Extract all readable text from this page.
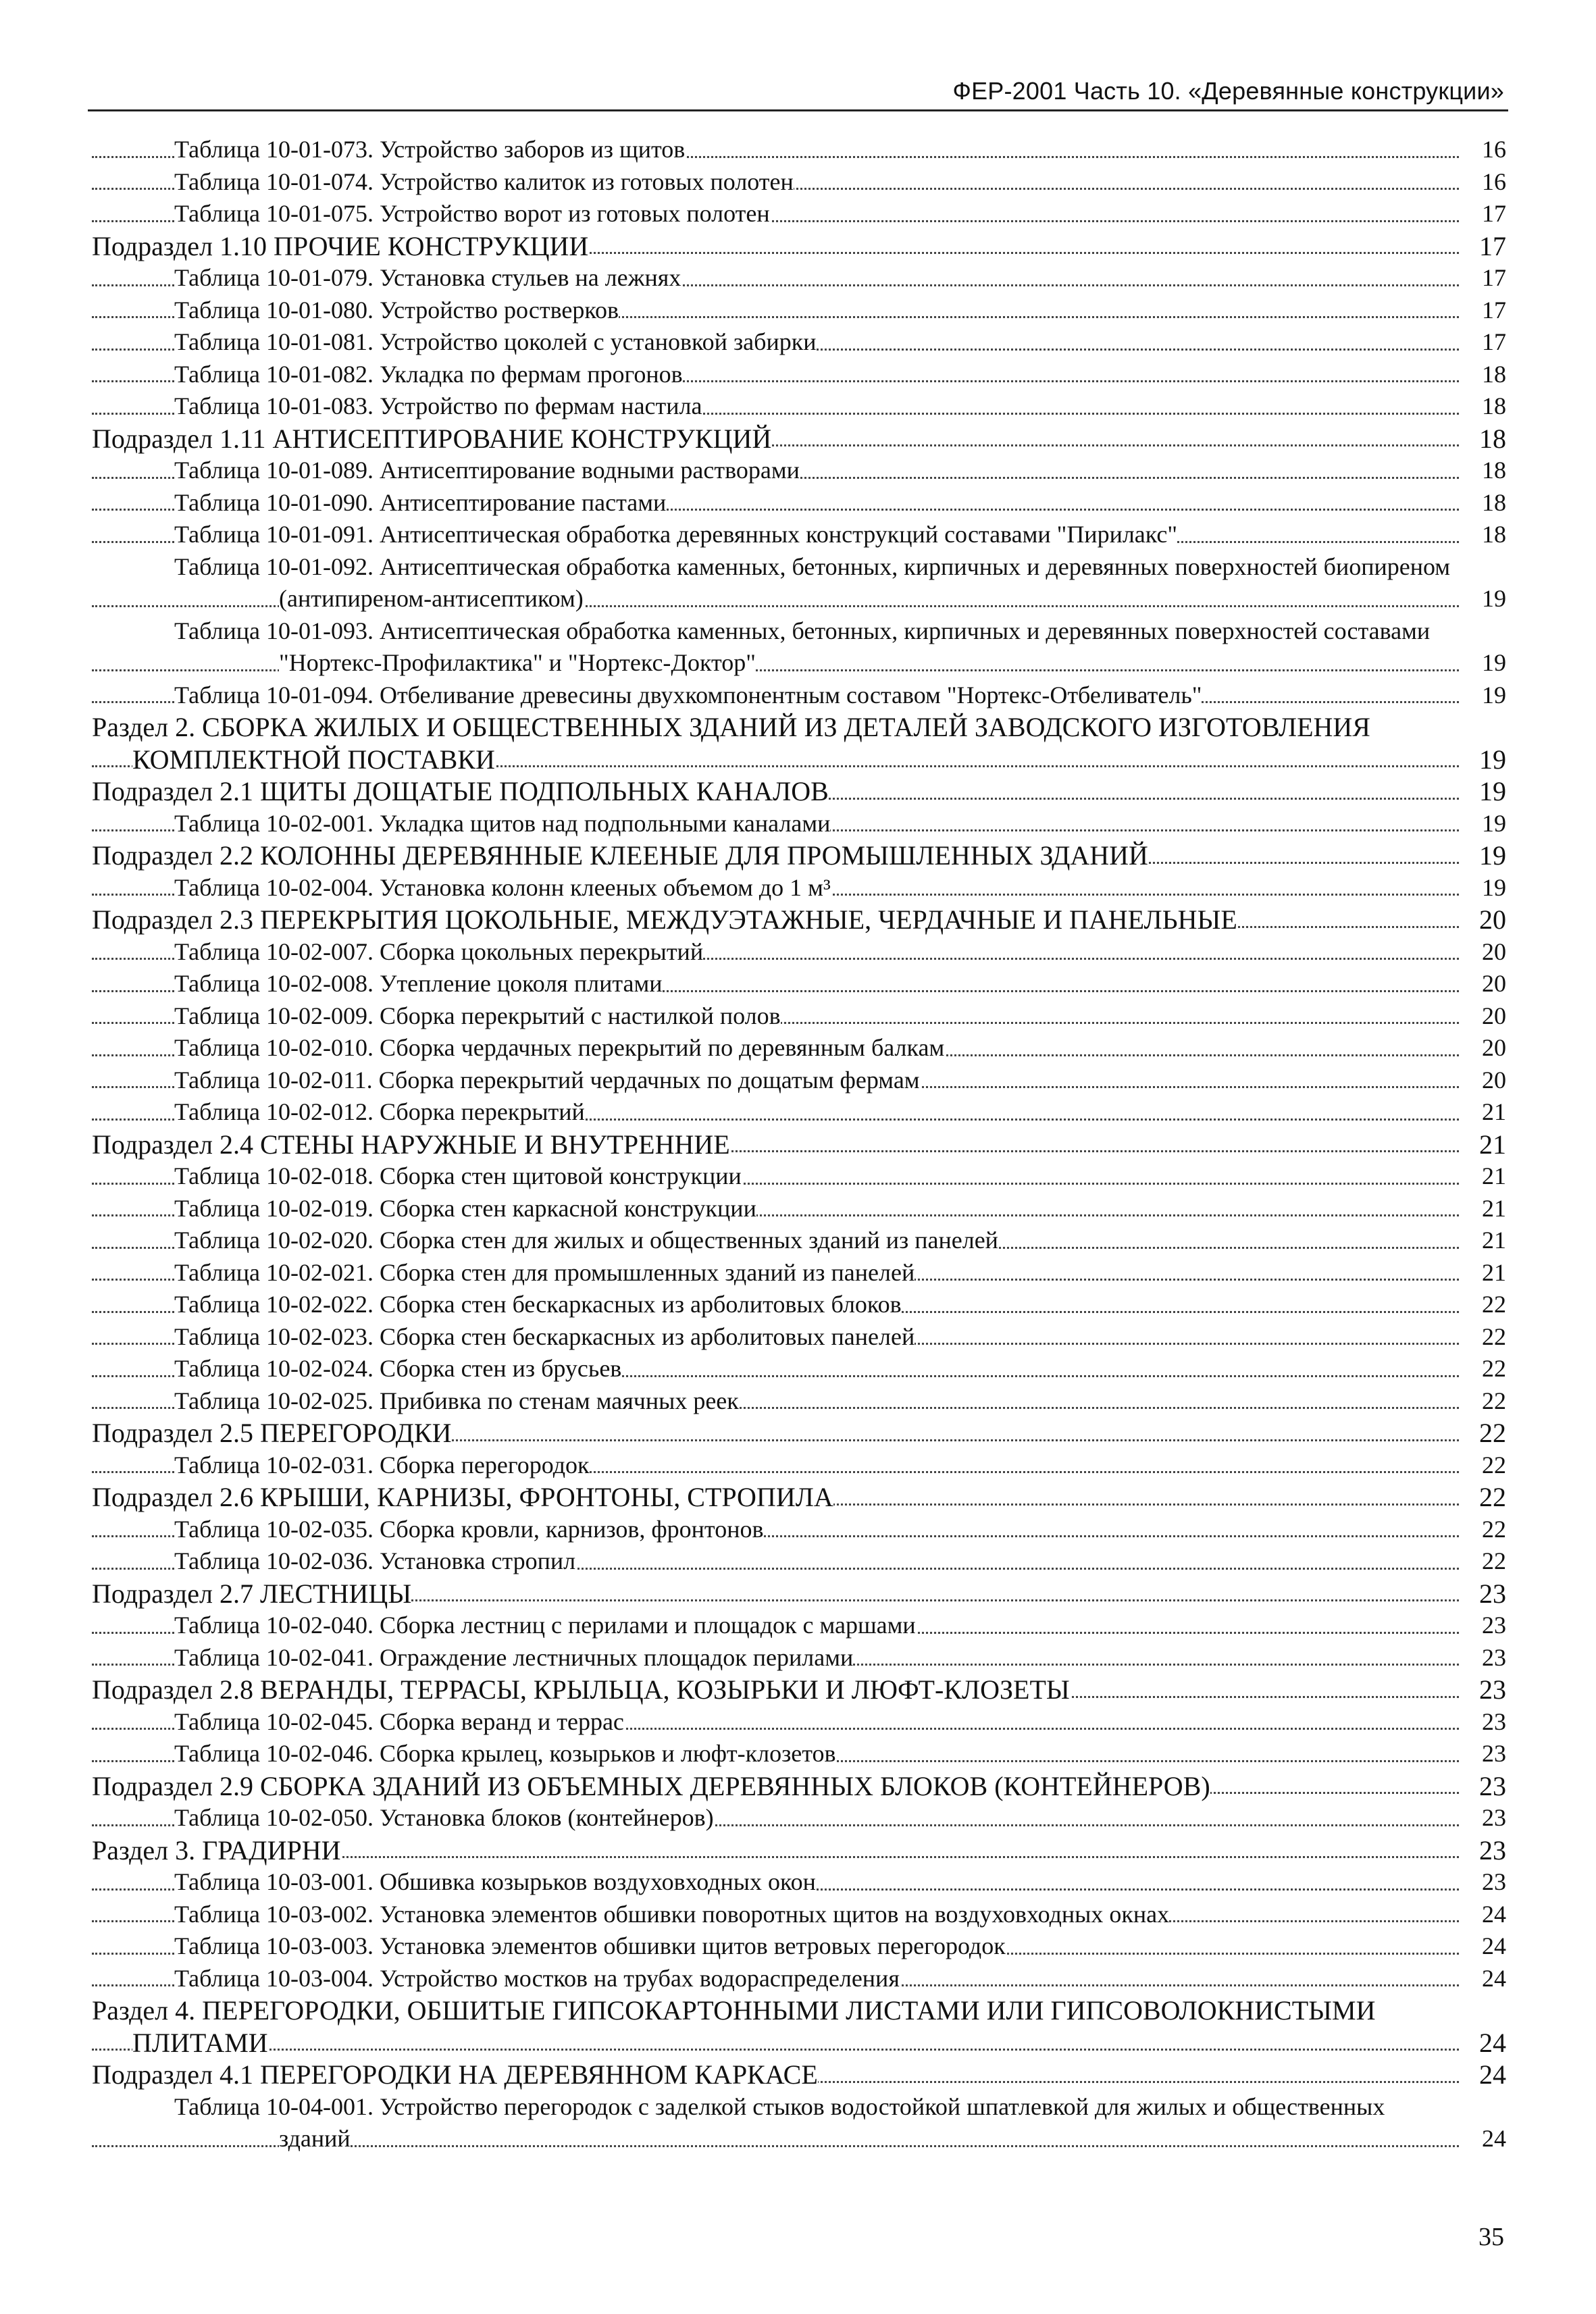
ФЕР-2001 Часть 10. «Деревянные конструкции»
Таблица 10-01-073. Устройство заборов из щитов	16
Таблица 10-01-074. Устройство калиток из готовых полотен	16
Таблица 10-01-075. Устройство ворот из готовых полотен	17
Подраздел 1.10 ПРОЧИЕ КОНСТРУКЦИИ	17
Таблица 10-01-079. Установка стульев на лежнях	17
Таблица 10-01-080. Устройство ростверков	17
Таблица 10-01-081. Устройство цоколей с установкой забирки	17
Таблица 10-01-082. Укладка по фермам прогонов	18
Таблица 10-01-083. Устройство по фермам настила	18
Подраздел 1.11 АНТИСЕПТИРОВАНИЕ КОНСТРУКЦИЙ	18
Таблица 10-01-089. Антисептирование водными растворами	18
Таблица 10-01-090. Антисептирование пастами	18
Таблица 10-01-091. Антисептическая обработка деревянных конструкций составами "Пирилакс"	18
Таблица 10-01-092. Антисептическая обработка каменных, бетонных, кирпичных и деревянных поверхностей биопиреном (антипиреном-антисептиком)	19
Таблица 10-01-093. Антисептическая обработка каменных, бетонных, кирпичных и деревянных поверхностей составами "Нортекс-Профилактика" и "Нортекс-Доктор"	19
Таблица 10-01-094. Отбеливание древесины двухкомпонентным составом "Нортекс-Отбеливатель"	19
Раздел 2. СБОРКА ЖИЛЫХ И ОБЩЕСТВЕННЫХ ЗДАНИЙ ИЗ ДЕТАЛЕЙ ЗАВОДСКОГО ИЗГОТОВЛЕНИЯ КОМПЛЕКТНОЙ ПОСТАВКИ	19
Подраздел 2.1 ЩИТЫ ДОЩАТЫЕ ПОДПОЛЬНЫХ КАНАЛОВ	19
Таблица 10-02-001. Укладка щитов над подпольными каналами	19
Подраздел 2.2 КОЛОННЫ ДЕРЕВЯННЫЕ КЛЕЕНЫЕ ДЛЯ ПРОМЫШЛЕННЫХ ЗДАНИЙ	19
Таблица 10-02-004. Установка колонн клееных объемом до 1 м³	19
Подраздел 2.3 ПЕРЕКРЫТИЯ ЦОКОЛЬНЫЕ, МЕЖДУЭТАЖНЫЕ, ЧЕРДАЧНЫЕ И ПАНЕЛЬНЫЕ	20
Таблица 10-02-007. Сборка цокольных перекрытий	20
Таблица 10-02-008. Утепление цоколя плитами	20
Таблица 10-02-009. Сборка перекрытий с настилкой полов	20
Таблица 10-02-010. Сборка чердачных перекрытий по деревянным балкам	20
Таблица 10-02-011. Сборка перекрытий чердачных по дощатым фермам	20
Таблица 10-02-012. Сборка перекрытий	21
Подраздел 2.4 СТЕНЫ НАРУЖНЫЕ И ВНУТРЕННИЕ	21
Таблица 10-02-018. Сборка стен щитовой конструкции	21
Таблица 10-02-019. Сборка стен каркасной конструкции	21
Таблица 10-02-020. Сборка стен для жилых и общественных зданий из панелей	21
Таблица 10-02-021. Сборка стен для промышленных зданий из панелей	21
Таблица 10-02-022. Сборка стен бескаркасных из арболитовых блоков	22
Таблица 10-02-023. Сборка стен бескаркасных из арболитовых панелей	22
Таблица 10-02-024. Сборка стен из брусьев	22
Таблица 10-02-025. Прибивка по стенам маячных реек	22
Подраздел 2.5 ПЕРЕГОРОДКИ	22
Таблица 10-02-031. Сборка перегородок	22
Подраздел 2.6 КРЫШИ, КАРНИЗЫ, ФРОНТОНЫ, СТРОПИЛА	22
Таблица 10-02-035. Сборка кровли, карнизов, фронтонов	22
Таблица 10-02-036. Установка стропил	22
Подраздел 2.7 ЛЕСТНИЦЫ	23
Таблица 10-02-040. Сборка лестниц с перилами и площадок с маршами	23
Таблица 10-02-041. Ограждение лестничных площадок перилами	23
Подраздел 2.8 ВЕРАНДЫ, ТЕРРАСЫ, КРЫЛЬЦА, КОЗЫРЬКИ И ЛЮФТ-КЛОЗЕТЫ	23
Таблица 10-02-045. Сборка веранд и террас	23
Таблица 10-02-046. Сборка крылец, козырьков и люфт-клозетов	23
Подраздел 2.9 СБОРКА ЗДАНИЙ ИЗ ОБЪЕМНЫХ ДЕРЕВЯННЫХ БЛОКОВ (КОНТЕЙНЕРОВ)	23
Таблица 10-02-050. Установка блоков (контейнеров)	23
Раздел 3. ГРАДИРНИ	23
Таблица 10-03-001. Обшивка козырьков воздуховходных окон	23
Таблица 10-03-002. Установка элементов обшивки поворотных щитов на воздуховходных окнах	24
Таблица 10-03-003. Установка элементов обшивки щитов ветровых перегородок	24
Таблица 10-03-004. Устройство мостков на трубах водораспределения	24
Раздел 4. ПЕРЕГОРОДКИ, ОБШИТЫЕ ГИПСОКАРТОННЫМИ ЛИСТАМИ ИЛИ ГИПСОВОЛОКНИСТЫМИ ПЛИТАМИ	24
Подраздел 4.1 ПЕРЕГОРОДКИ НА ДЕРЕВЯННОМ КАРКАСЕ	24
Таблица 10-04-001. Устройство перегородок с заделкой стыков водостойкой шпатлевкой для жилых и общественных зданий	24
35
